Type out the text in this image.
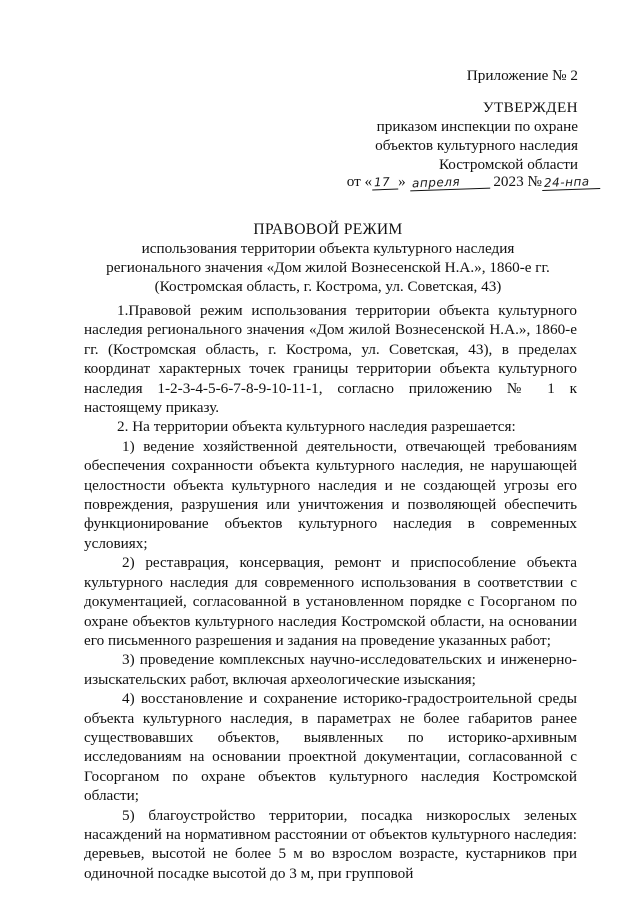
Приложение № 2
УТВЕРЖДЕН
приказом инспекции по охране
объектов культурного наследия
Костромской области
от « 17 » апреля 2023 № 24-нпа
ПРАВОВОЙ РЕЖИМ
использования территории объекта культурного наследия
регионального значения «Дом жилой Вознесенской Н.А.», 1860-е гг.
(Костромская область, г. Кострома, ул. Советская, 43)

1.Правовой режим использования территории объекта культурного наследия регионального значения «Дом жилой Вознесенской Н.А.», 1860-е гг. (Костромская область, г. Кострома, ул. Советская, 43), в пределах координат характерных точек границы территории объекта культурного наследия 1-2-3-4-5-6-7-8-9-10-11-1, согласно приложению № 1 к настоящему приказу.

2. На территории объекта культурного наследия разрешается:

1) ведение хозяйственной деятельности, отвечающей требованиям обеспечения сохранности объекта культурного наследия, не нарушающей целостности объекта культурного наследия и не создающей угрозы его повреждения, разрушения или уничтожения и позволяющей обеспечить функционирование объектов культурного наследия в современных условиях;

2) реставрация, консервация, ремонт и приспособление объекта культурного наследия для современного использования в соответствии с документацией, согласованной в установленном порядке с Госорганом по охране объектов культурного наследия Костромской области, на основании его письменного разрешения и задания на проведение указанных работ;

3) проведение комплексных научно-исследовательских и инженерно-изыскательских работ, включая археологические изыскания;

4) восстановление и сохранение историко-градостроительной среды объекта культурного наследия, в параметрах не более габаритов ранее существовавших объектов, выявленных по историко-архивным исследованиям на основании проектной документации, согласованной с Госорганом по охране объектов культурного наследия Костромской области;

5) благоустройство территории, посадка низкорослых зеленых насаждений на нормативном расстоянии от объектов культурного наследия: деревьев, высотой не более 5 м во взрослом возрасте, кустарников при одиночной посадке высотой до 3 м, при групповой
